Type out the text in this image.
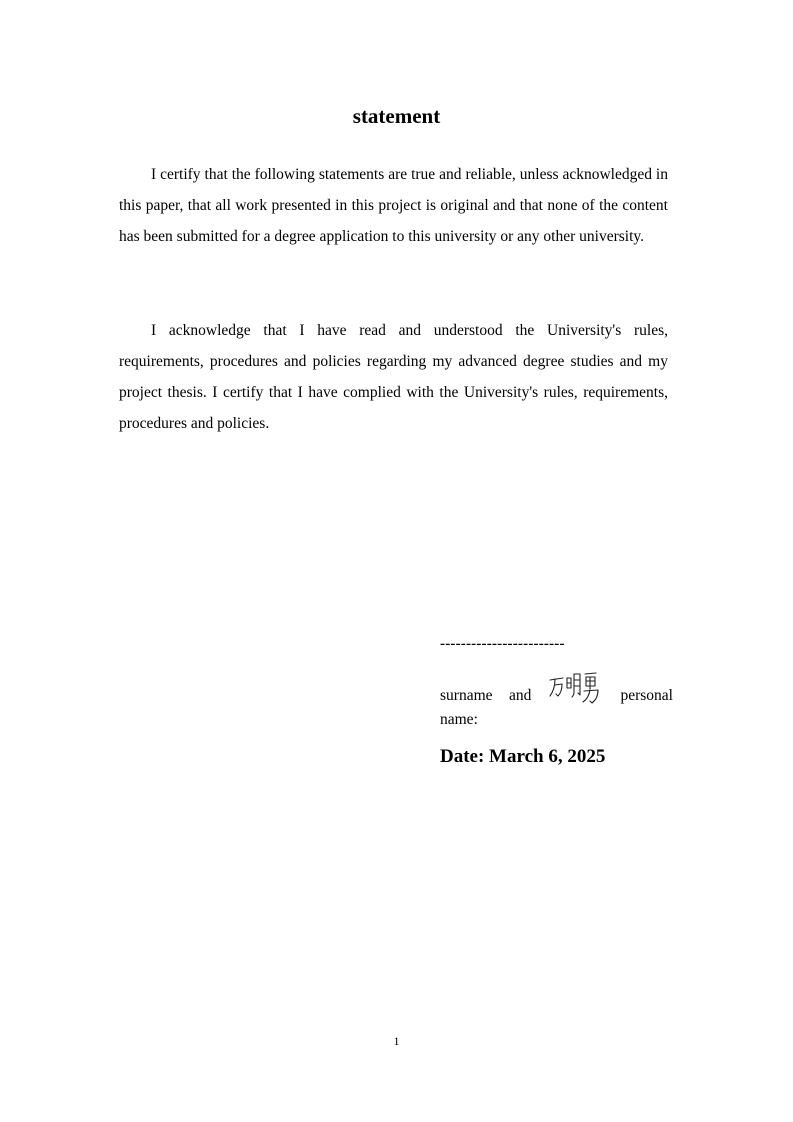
statement

I certify that the following statements are true and reliable, unless acknowledged in this paper, that all work presented in this project is original and that none of the content has been submitted for a degree application to this university or any other university.

I acknowledge that I have read and understood the University's rules, requirements, procedures and policies regarding my advanced degree studies and my project thesis. I certify that I have complied with the University's rules, requirements, procedures and policies.

------------------------

surname and	personal

name:

Date: March 6, 2025

1
